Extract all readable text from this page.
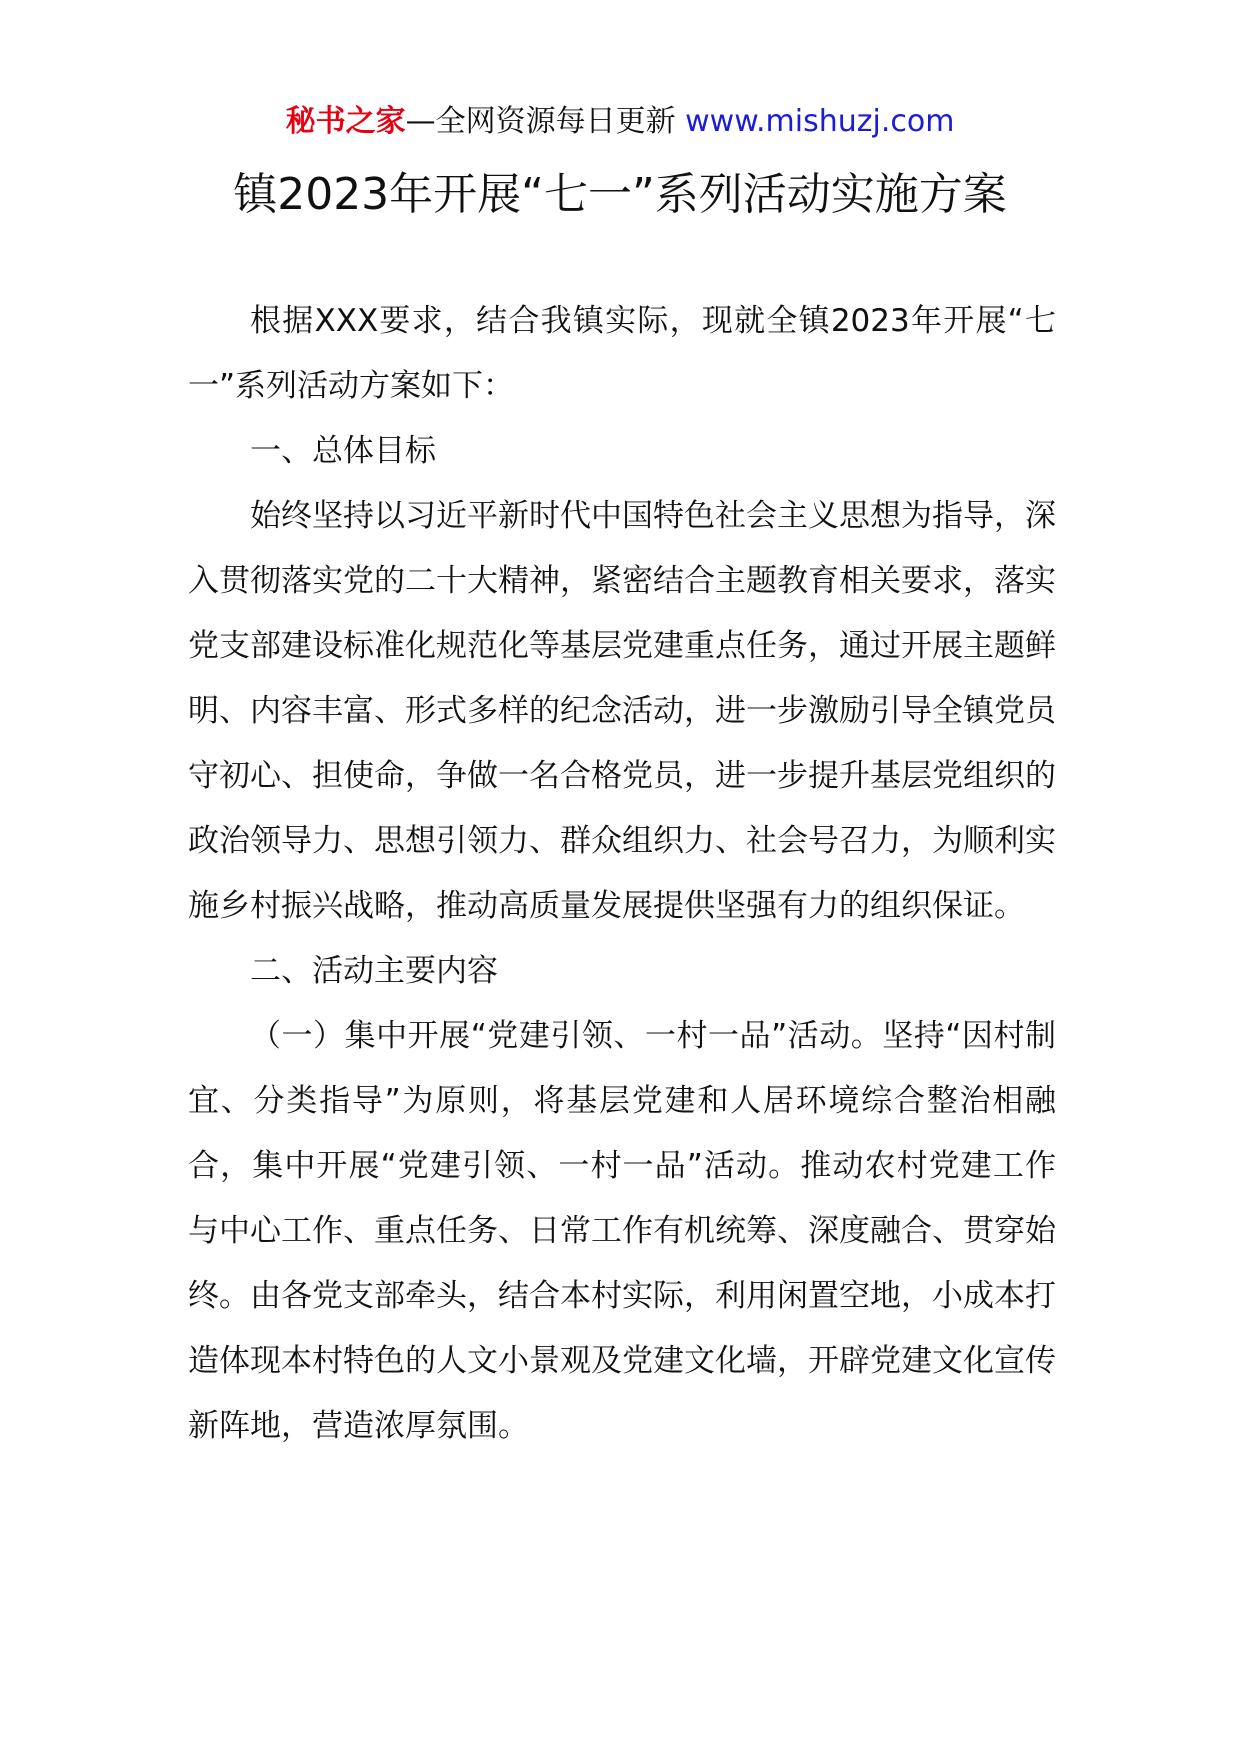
秘书之家—全网资源每日更新 www.mishuzj.com
镇2023年开展“七一”系列活动实施方案

根据XXX要求，结合我镇实际，现就全镇2023年开展“七一”系列活动方案如下：

一、总体目标

始终坚持以习近平新时代中国特色社会主义思想为指导，深入贯彻落实党的二十大精神，紧密结合主题教育相关要求，落实党支部建设标准化规范化等基层党建重点任务，通过开展主题鲜明、内容丰富、形式多样的纪念活动，进一步激励引导全镇党员守初心、担使命，争做一名合格党员，进一步提升基层党组织的政治领导力、思想引领力、群众组织力、社会号召力，为顺利实施乡村振兴战略，推动高质量发展提供坚强有力的组织保证。

二、活动主要内容

（一）集中开展“党建引领、一村一品”活动。坚持“因村制宜、分类指导”为原则，将基层党建和人居环境综合整治相融合，集中开展“党建引领、一村一品”活动。推动农村党建工作与中心工作、重点任务、日常工作有机统筹、深度融合、贯穿始终。由各党支部牵头，结合本村实际，利用闲置空地，小成本打造体现本村特色的人文小景观及党建文化墙，开辟党建文化宣传新阵地，营造浓厚氛围。
